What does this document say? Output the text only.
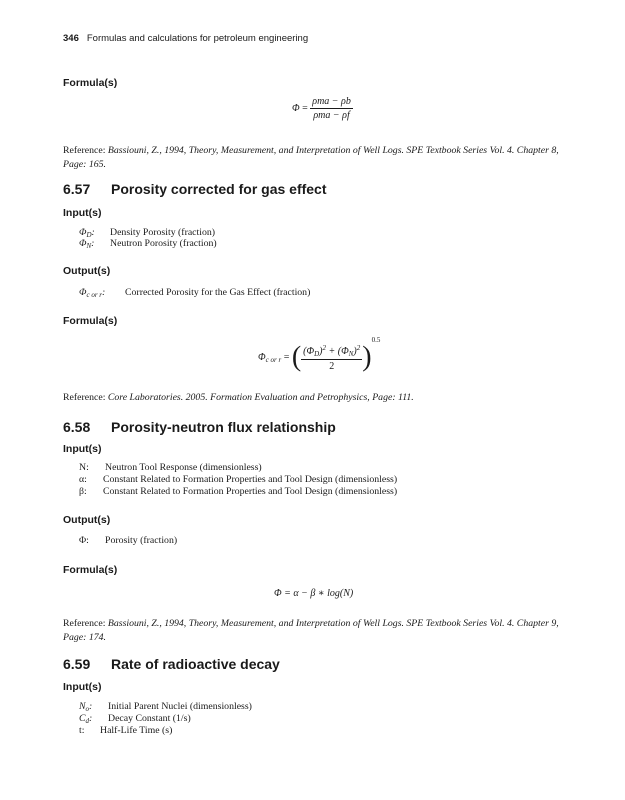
346 Formulas and calculations for petroleum engineering
Formula(s)
$\Phi = \frac{\text{ρma − ρb}}{\text{ρma − ρf}}$
Reference: Bassiouni, Z., 1994, Theory, Measurement, and Interpretation of Well Logs. SPE Textbook Series Vol. 4. Chapter 8, Page: 165.
6.57 Porosity corrected for gas effect
Input(s)
$\Phi_D$: Density Porosity (fraction)
$\Phi_N$: Neutron Porosity (fraction)
Output(s)
$\Phi_{c or r}$: Corrected Porosity for the Gas Effect (fraction)
Formula(s)
$\Phi_{c or r}$ = ( $\frac{(\Phi_D)^2 + (\Phi_N)^2}{2} )^{0.5}$
Reference: Core Laboratories. 2005. Formation Evaluation and Petrophysics, Page: 111.
6.58 Porosity-neutron flux relationship
Input(s)
N: Neutron Tool Response (dimensionless)
α: Constant Related to Formation Properties and Tool Design (dimensionless)
β: Constant Related to Formation Properties and Tool Design (dimensionless)
Output(s)
Φ: Porosity (fraction)
Formula(s)
Φ = α − β ∗ log(N)
Reference: Bassiouni, Z., 1994, Theory, Measurement, and Interpretation of Well Logs. SPE Textbook Series Vol. 4. Chapter 9, Page: 174.
6.59 Rate of radioactive decay
Input(s)
$N_o$: Initial Parent Nuclei (dimensionless)
$C_d$: Decay Constant (1/s)
t: Half-Life Time (s)
